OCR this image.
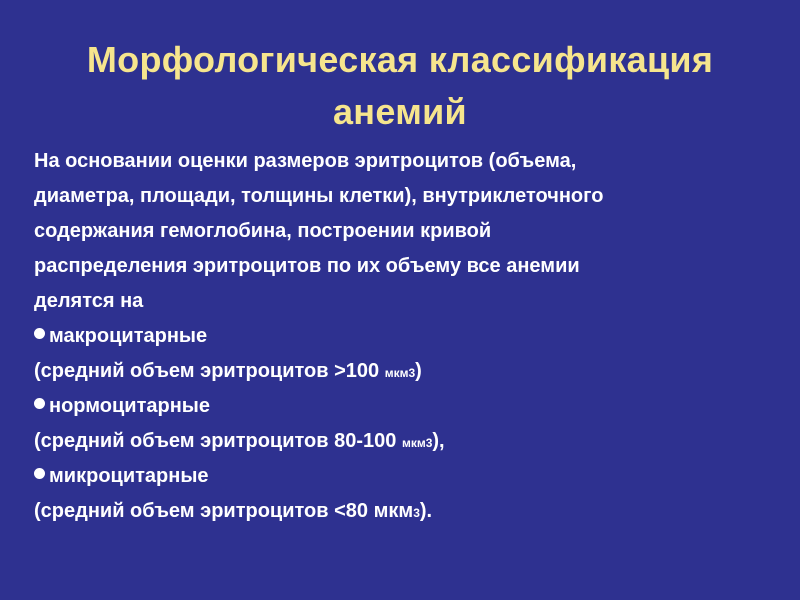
Морфологическая классификация
анемий
На основании оценки размеров эритроцитов (объема,
диаметра, площади, толщины клетки), внутриклеточного
содержания гемоглобина, построении кривой
распределения эритроцитов по их объему все анемии
делятся на
макроцитарные
(средний объем эритроцитов >100 мкм3)
нормоцитарные
(средний объем эритроцитов 80-100 мкм3),
микроцитарные
(средний объем эритроцитов <80 мкм3).
